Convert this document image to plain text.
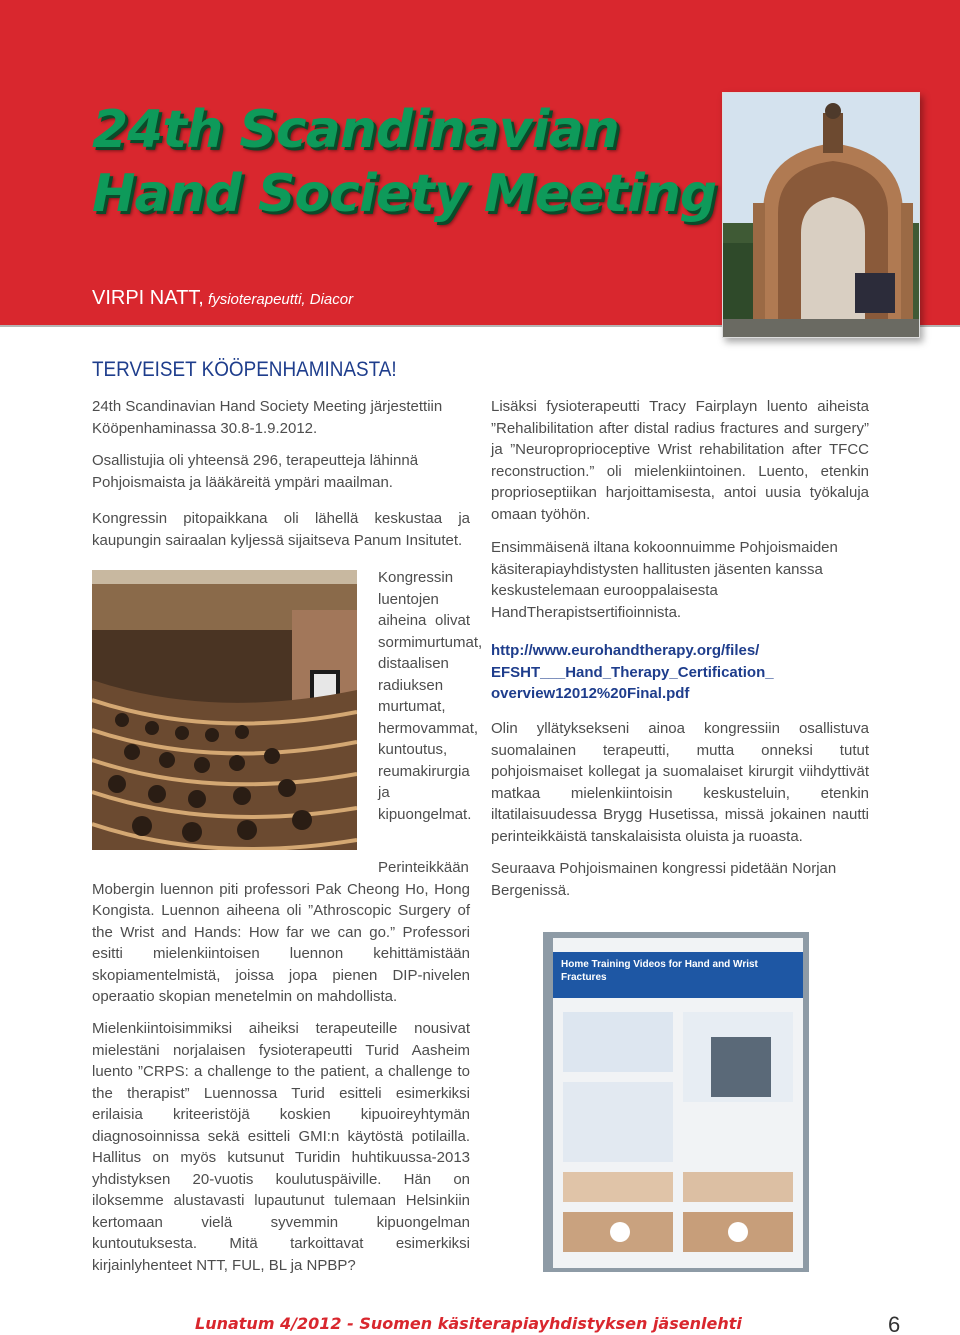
24th Scandinavian
Hand Society Meeting
VIRPI NATT, fysioterapeutti, Diacor
TERVEISET KÖÖPENHAMINASTA!

24th Scandinavian Hand Society Meeting järjestettiin Kööpenhaminassa 30.8-1.9.2012.

Osallistujia oli yhteensä 296, terapeutteja lähinnä Pohjoismaista ja lääkäreitä ympäri maailman.

Kongressin pitopaikkana oli lähellä keskustaa ja kaupungin sairaalan kyljessä sijaitseva Panum Insitutet.

Kongressin luentojen aiheina olivat sormimurtumat, distaalisen radiuksen murtumat, hermovammat, kuntoutus, reumakirurgia ja kipuongelmat.

Perinteikkään Mobergin luennon piti professori Pak Cheong Ho, Hong Kongista. Luennon aiheena oli ”Athroscopic Surgery of the Wrist and Hands: How far we can go.” Professori esitti mielenkiintoisen luennon kehittämistään skopiamentelmistä, joissa jopa pienen DIP-nivelen operaatio skopian menetelmin on mahdollista.

Mielenkiintoisimmiksi aiheiksi terapeuteille nousivat mielestäni norjalaisen fysioterapeutti Turid Aasheim luento ”CRPS: a challenge to the patient, a challenge to the therapist” Luennossa Turid esitteli esimerkiksi erilaisia kriteeristöjä koskien kipuoireyhtymän diagnosoinnissa sekä esitteli GMI:n käytöstä potilailla. Hallitus on myös kutsunut Turidin huhtikuussa-2013 yhdistyksen 20-vuotis koulutuspäiville. Hän on iloksemme alustavasti lupautunut tulemaan Helsinkiin kertomaan vielä syvemmin kipuongelman kuntoutuksesta. Mitä tarkoittavat esimerkiksi kirjainlyhenteet NTT, FUL, BL ja NPBP?

Lisäksi fysioterapeutti Tracy Fairplayn luento aiheista ”Rehalibilitation after distal radius fractures and surgery” ja ”Neuroproprioceptive Wrist rehabilitation after TFCC reconstruction.” oli mielenkiintoinen. Luento, etenkin proprioseptiikan harjoittamisesta, antoi uusia työkaluja omaan työhön.

Ensimmäisenä iltana kokoonnuimme Pohjoismaiden käsiterapiayhdistysten hallitusten jäsenten kanssa keskustelemaan eurooppalaisesta HandTherapistsertifioinnista.

http://www.eurohandtherapy.org/files/ EFSHT___Hand_Therapy_Certification_ overview12012%20Final.pdf

Olin yllätyksekseni ainoa kongressiin osallistuva suomalainen terapeutti, mutta onneksi tutut pohjoismaiset kollegat ja suomalaiset kirurgit viihdyttivät matkaa mielenkiintoisin keskusteluin, etenkin iltatilaisuudessa Brygg Husetissa, missä jokainen nautti perinteikkäistä tanskalaisista oluista ja ruoasta.

Seuraava Pohjoismainen kongressi pidetään Norjan Bergenissä.

Home Training Videos for Hand and Wrist Fractures
Lunatum 4/2012 - Suomen käsiterapiayhdistyksen jäsenlehti	6
